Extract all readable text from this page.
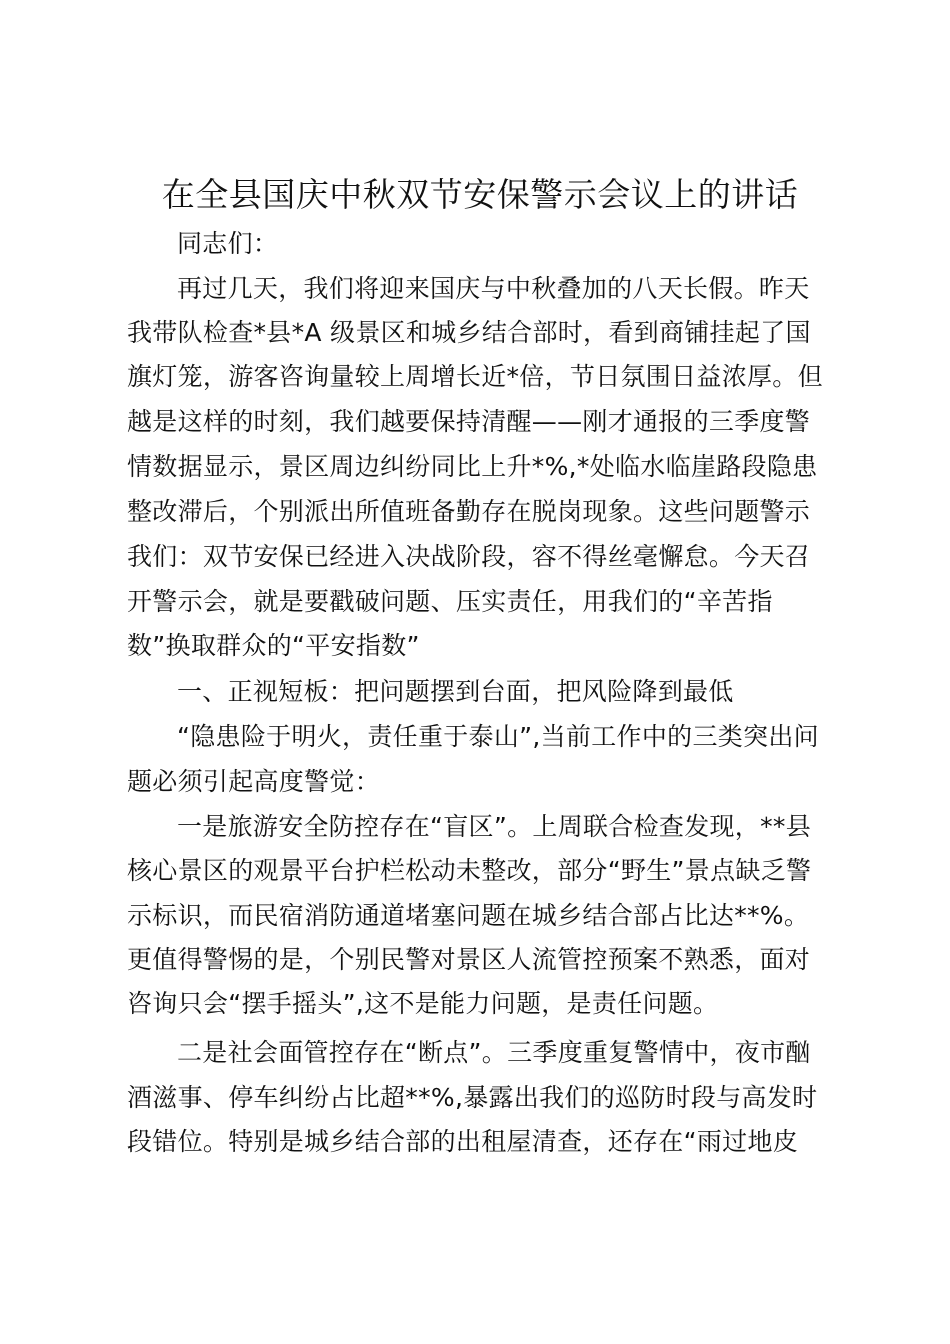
在全县国庆中秋双节安保警示会议上的讲话
同志们：
再过几天，我们将迎来国庆与中秋叠加的八天长假。昨天
我带队检查*县*A 级景区和城乡结合部时，看到商铺挂起了国
旗灯笼，游客咨询量较上周增长近*倍，节日氛围日益浓厚。但
越是这样的时刻，我们越要保持清醒——刚才通报的三季度警
情数据显示，景区周边纠纷同比上升*%,*处临水临崖路段隐患
整改滞后，个别派出所值班备勤存在脱岗现象。这些问题警示
我们：双节安保已经进入决战阶段，容不得丝毫懈怠。今天召
开警示会，就是要戳破问题、压实责任，用我们的“辛苦指
数”换取群众的“平安指数”
一、正视短板：把问题摆到台面，把风险降到最低
“隐患险于明火，责任重于泰山”,当前工作中的三类突出问
题必须引起高度警觉：
一是旅游安全防控存在“盲区”。上周联合检查发现，**县
核心景区的观景平台护栏松动未整改，部分“野生”景点缺乏警
示标识，而民宿消防通道堵塞问题在城乡结合部占比达**%。
更值得警惕的是，个别民警对景区人流管控预案不熟悉，面对
咨询只会“摆手摇头”,这不是能力问题，是责任问题。
二是社会面管控存在“断点”。三季度重复警情中，夜市酗
酒滋事、停车纠纷占比超**%,暴露出我们的巡防时段与高发时
段错位。特别是城乡结合部的出租屋清查，还存在“雨过地皮
